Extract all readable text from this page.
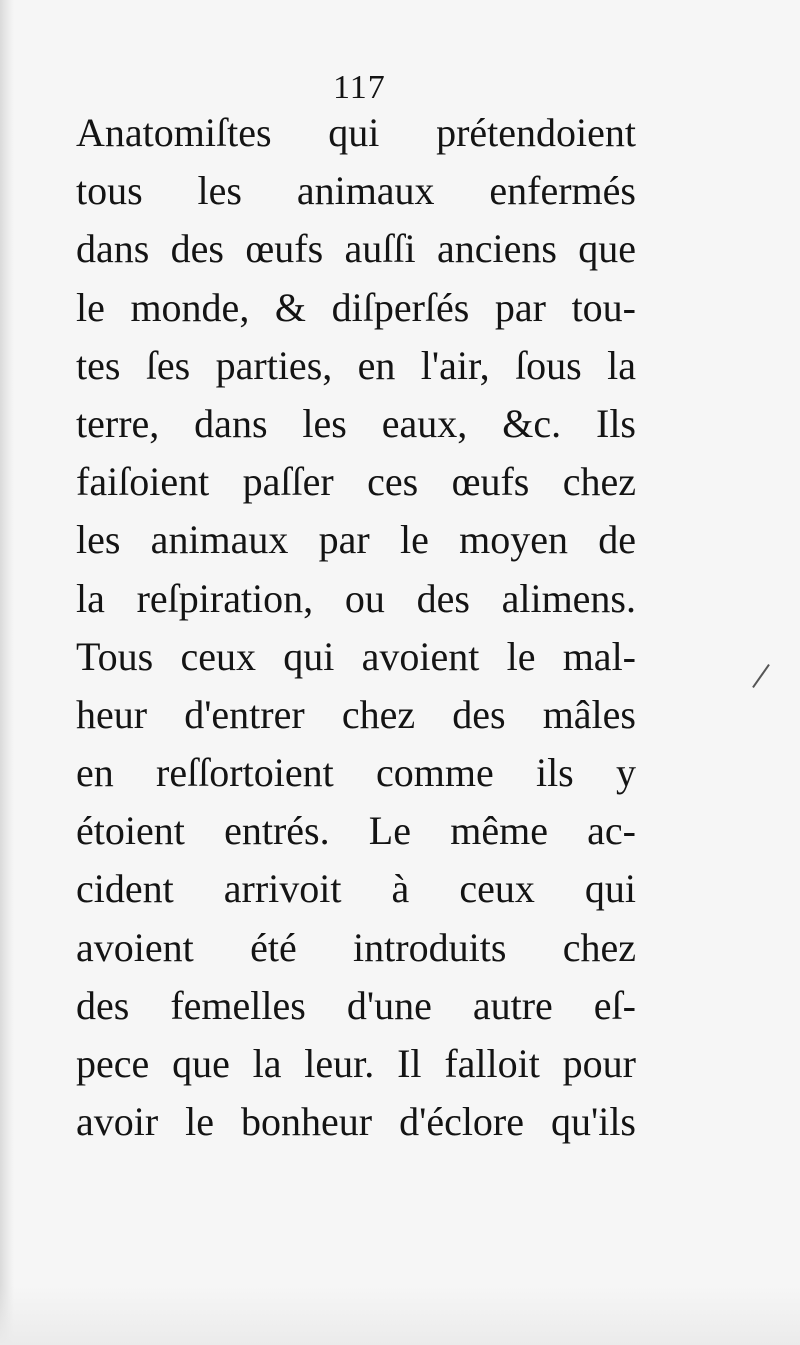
117
Anatomiſtes qui prétendoient
tous les animaux enfermés
dans des œufs auſſi anciens que
le monde, & diſperſés par tou-
tes ſes parties, en l'air, ſous la
terre, dans les eaux, &c. Ils
faiſoient paſſer ces œufs chez
les animaux par le moyen de
la reſpiration, ou des alimens.
Tous ceux qui avoient le mal-
heur d'entrer chez des mâles
en reſſortoient comme ils y
étoient entrés. Le même ac-
cident arrivoit à ceux qui
avoient été introduits chez
des femelles d'une autre eſ-
pece que la leur. Il falloit pour
avoir le bonheur d'éclore qu'ils
